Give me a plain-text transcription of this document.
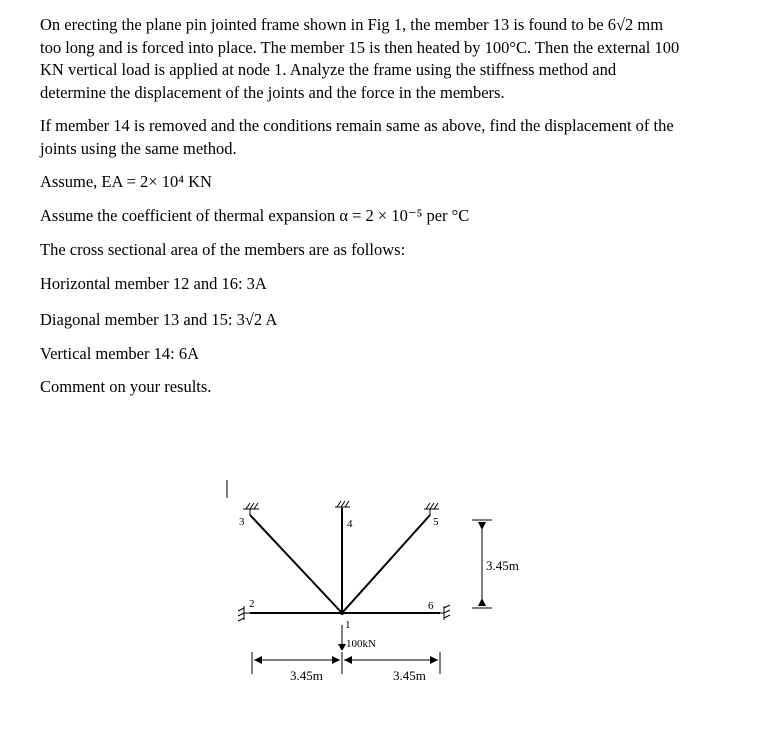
On erecting the plane pin jointed frame shown in Fig 1, the member 13 is found to be 6√2 mm
too long and is forced into place. The member 15 is then heated by 100°C. Then the external 100
KN vertical load is applied at node 1. Analyze the frame using the stiffness method and
determine the displacement of the joints and the force in the members.
If member 14 is removed and the conditions remain same as above, find the displacement of the
joints using the same method.
Assume, EA = 2× 10⁴ KN
Assume the coefficient of thermal expansion α = 2 × 10⁻⁵ per °C
The cross sectional area of the members are as follows:
Horizontal member 12 and 16: 3A
Diagonal member 13 and 15: 3√2 A
Vertical member 14: 6A
Comment on your results.
3	4	5
2	6
1
100kN
3.45m
3.45m	3.45m
